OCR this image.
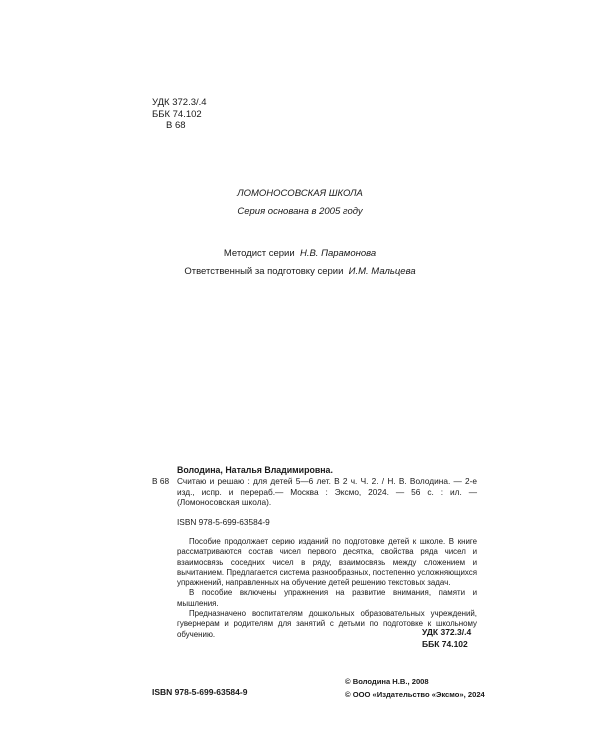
УДК 372.3/.4
ББК 74.102
В 68
ЛОМОНОСОВСКАЯ ШКОЛА
Серия основана в 2005 году
Методист серии Н.В. Парамонова
Ответственный за подготовку серии И.М. Мальцева
Володина, Наталья Владимировна.
В 68 Считаю и решаю : для детей 5—6 лет. В 2 ч. Ч. 2. / Н. В. Володина. — 2-е изд., испр. и перераб.— Москва : Эксмо, 2024. — 56 с. : ил. — (Ломоносовская школа).
ISBN 978-5-699-63584-9

Пособие продолжает серию изданий по подготовке детей к школе. В книге рассматриваются состав чисел первого десятка, свойства ряда чисел и взаимосвязь соседних чисел в ряду, взаимосвязь между сложением и вычитанием. Предлагается система разнообразных, постепенно усложняющихся упражнений, направленных на обучение детей решению текстовых задач.

В пособие включены упражнения на развитие внимания, памяти и мышления.

Предназначено воспитателям дошкольных образовательных учреждений, гувернерам и родителям для занятий с детьми по подготовке к школьному обучению.	УДК 372.3/.4
ББК 74.102
ISBN 978-5-699-63584-9
© Володина Н.В., 2008
© ООО «Издательство «Эксмо», 2024
